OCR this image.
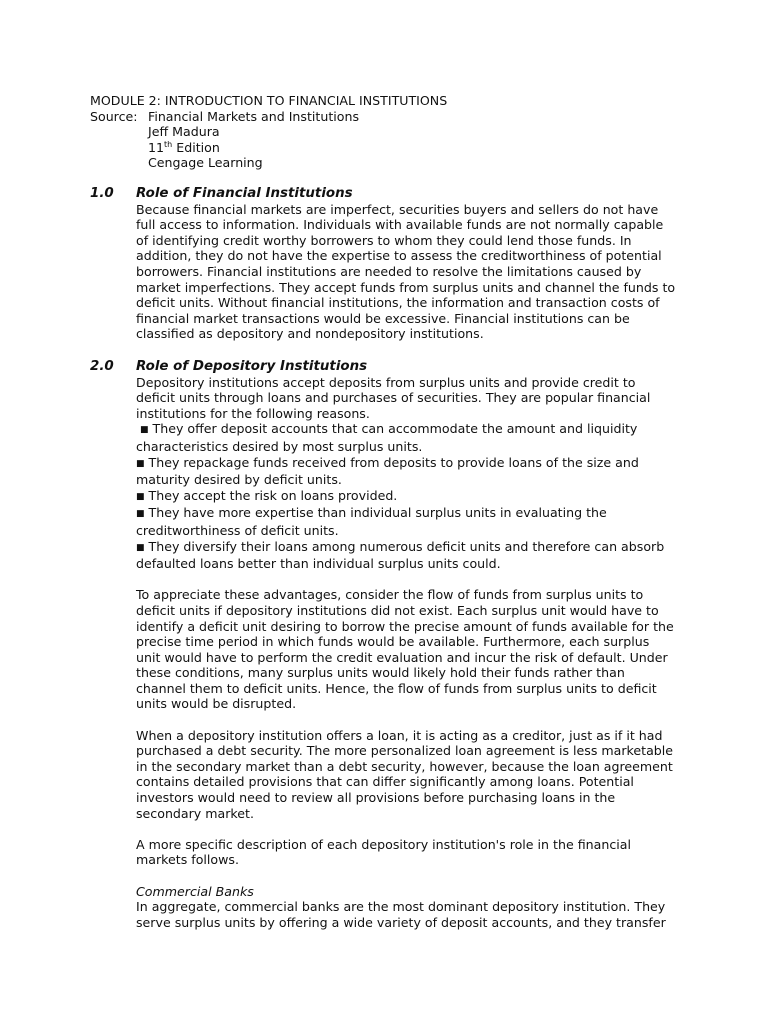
MODULE 2: INTRODUCTION TO FINANCIAL INSTITUTIONS
Source: Financial Markets and Institutions
Jeff Madura
11th Edition
Cengage Learning
1.0	Role of Financial Institutions

Because financial markets are imperfect, securities buyers and sellers do not have full access to information. Individuals with available funds are not normally capable of identifying credit worthy borrowers to whom they could lend those funds. In addition, they do not have the expertise to assess the creditworthiness of potential borrowers. Financial institutions are needed to resolve the limitations caused by market imperfections. They accept funds from surplus units and channel the funds to deficit units. Without financial institutions, the information and transaction costs of financial market transactions would be excessive. Financial institutions can be classified as depository and nondepository institutions.

2.0	Role of Depository Institutions

Depository institutions accept deposits from surplus units and provide credit to deficit units through loans and purchases of securities. They are popular financial institutions for the following reasons.

■ They offer deposit accounts that can accommodate the amount and liquidity characteristics desired by most surplus units.
■ They repackage funds received from deposits to provide loans of the size and maturity desired by deficit units.
■ They accept the risk on loans provided.
■ They have more expertise than individual surplus units in evaluating the creditworthiness of deficit units.
■ They diversify their loans among numerous deficit units and therefore can absorb defaulted loans better than individual surplus units could.

To appreciate these advantages, consider the flow of funds from surplus units to deficit units if depository institutions did not exist. Each surplus unit would have to identify a deficit unit desiring to borrow the precise amount of funds available for the precise time period in which funds would be available. Furthermore, each surplus unit would have to perform the credit evaluation and incur the risk of default. Under these conditions, many surplus units would likely hold their funds rather than channel them to deficit units. Hence, the flow of funds from surplus units to deficit units would be disrupted.

When a depository institution offers a loan, it is acting as a creditor, just as if it had purchased a debt security. The more personalized loan agreement is less marketable in the secondary market than a debt security, however, because the loan agreement contains detailed provisions that can differ significantly among loans. Potential investors would need to review all provisions before purchasing loans in the secondary market.

A more specific description of each depository institution's role in the financial markets follows.

Commercial Banks

In aggregate, commercial banks are the most dominant depository institution. They serve surplus units by offering a wide variety of deposit accounts, and they transfer
